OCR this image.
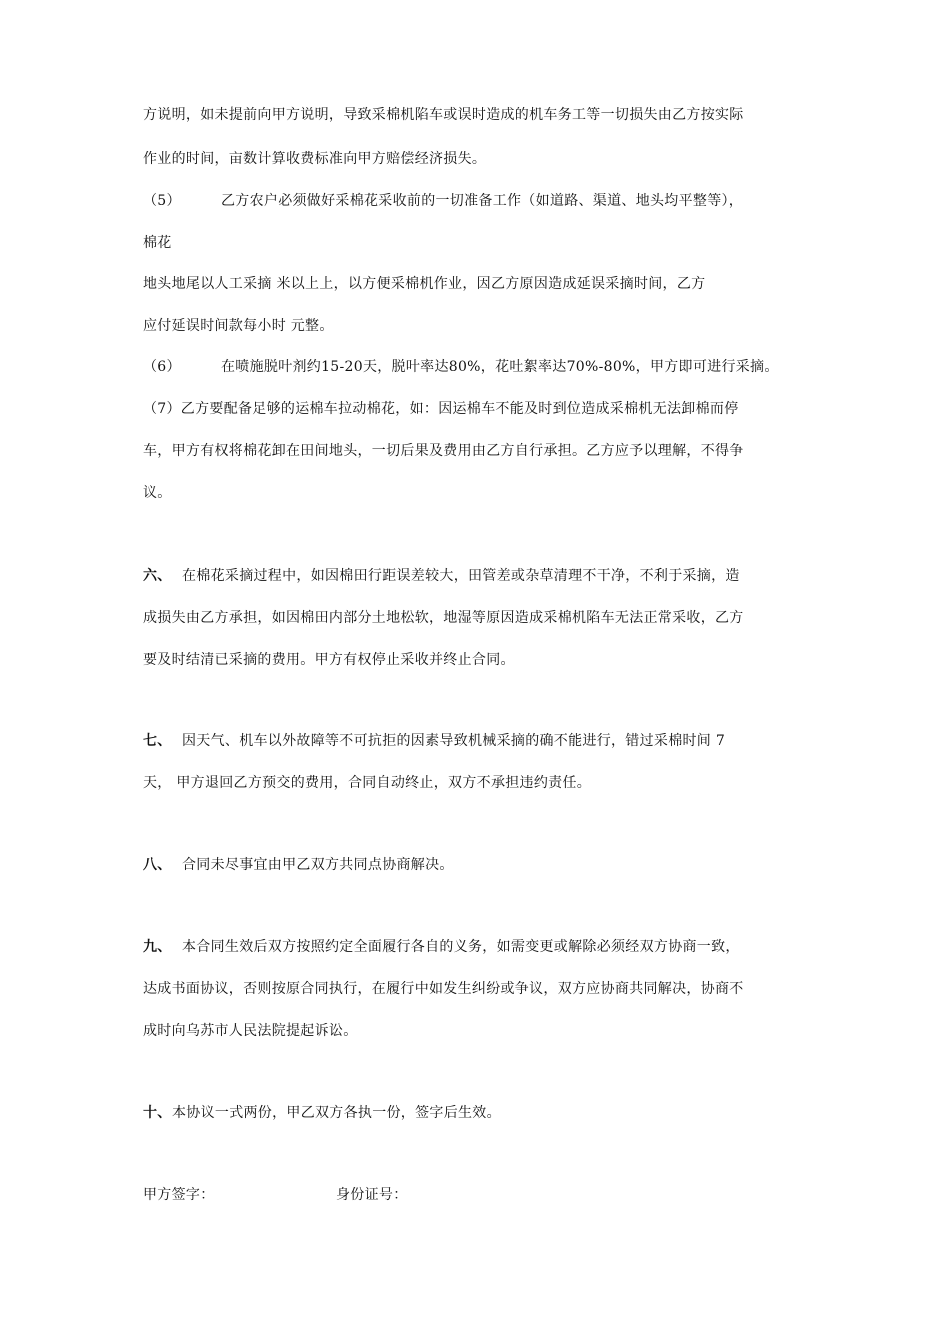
方说明，如未提前向甲方说明，导致采棉机陷车或误时造成的机车务工等一切损失由乙方按实际
作业的时间，亩数计算收费标准向甲方赔偿经济损失。
（5）	乙方农户必须做好采棉花采收前的一切准备工作（如道路、渠道、地头均平整等），
棉花
地头地尾以人工采摘 米以上上，以方便采棉机作业，因乙方原因造成延误采摘时间，乙方
应付延误时间款每小时 元整。
（6）	在喷施脱叶剂约15-20天，脱叶率达80%，花吐絮率达70%-80%，甲方即可进行采摘。
（7）乙方要配备足够的运棉车拉动棉花，如：因运棉车不能及时到位造成采棉机无法卸棉而停
车，甲方有权将棉花卸在田间地头，一切后果及费用由乙方自行承担。乙方应予以理解，不得争
议。
六、 在棉花采摘过程中，如因棉田行距误差较大，田管差或杂草清理不干净，不利于采摘，造
成损失由乙方承担，如因棉田内部分土地松软，地湿等原因造成采棉机陷车无法正常采收，乙方
要及时结清已采摘的费用。甲方有权停止采收并终止合同。
七、 因天气、机车以外故障等不可抗拒的因素导致机械采摘的确不能进行，错过采棉时间 7
天， 甲方退回乙方预交的费用，合同自动终止，双方不承担违约责任。
八、 合同未尽事宜由甲乙双方共同点协商解决。
九、 本合同生效后双方按照约定全面履行各自的义务，如需变更或解除必须经双方协商一致，
达成书面协议，否则按原合同执行，在履行中如发生纠纷或争议，双方应协商共同解决，协商不
成时向乌苏市人民法院提起诉讼。
十、 本协议一式两份，甲乙双方各执一份，签字后生效。
甲方签字：	身份证号：
